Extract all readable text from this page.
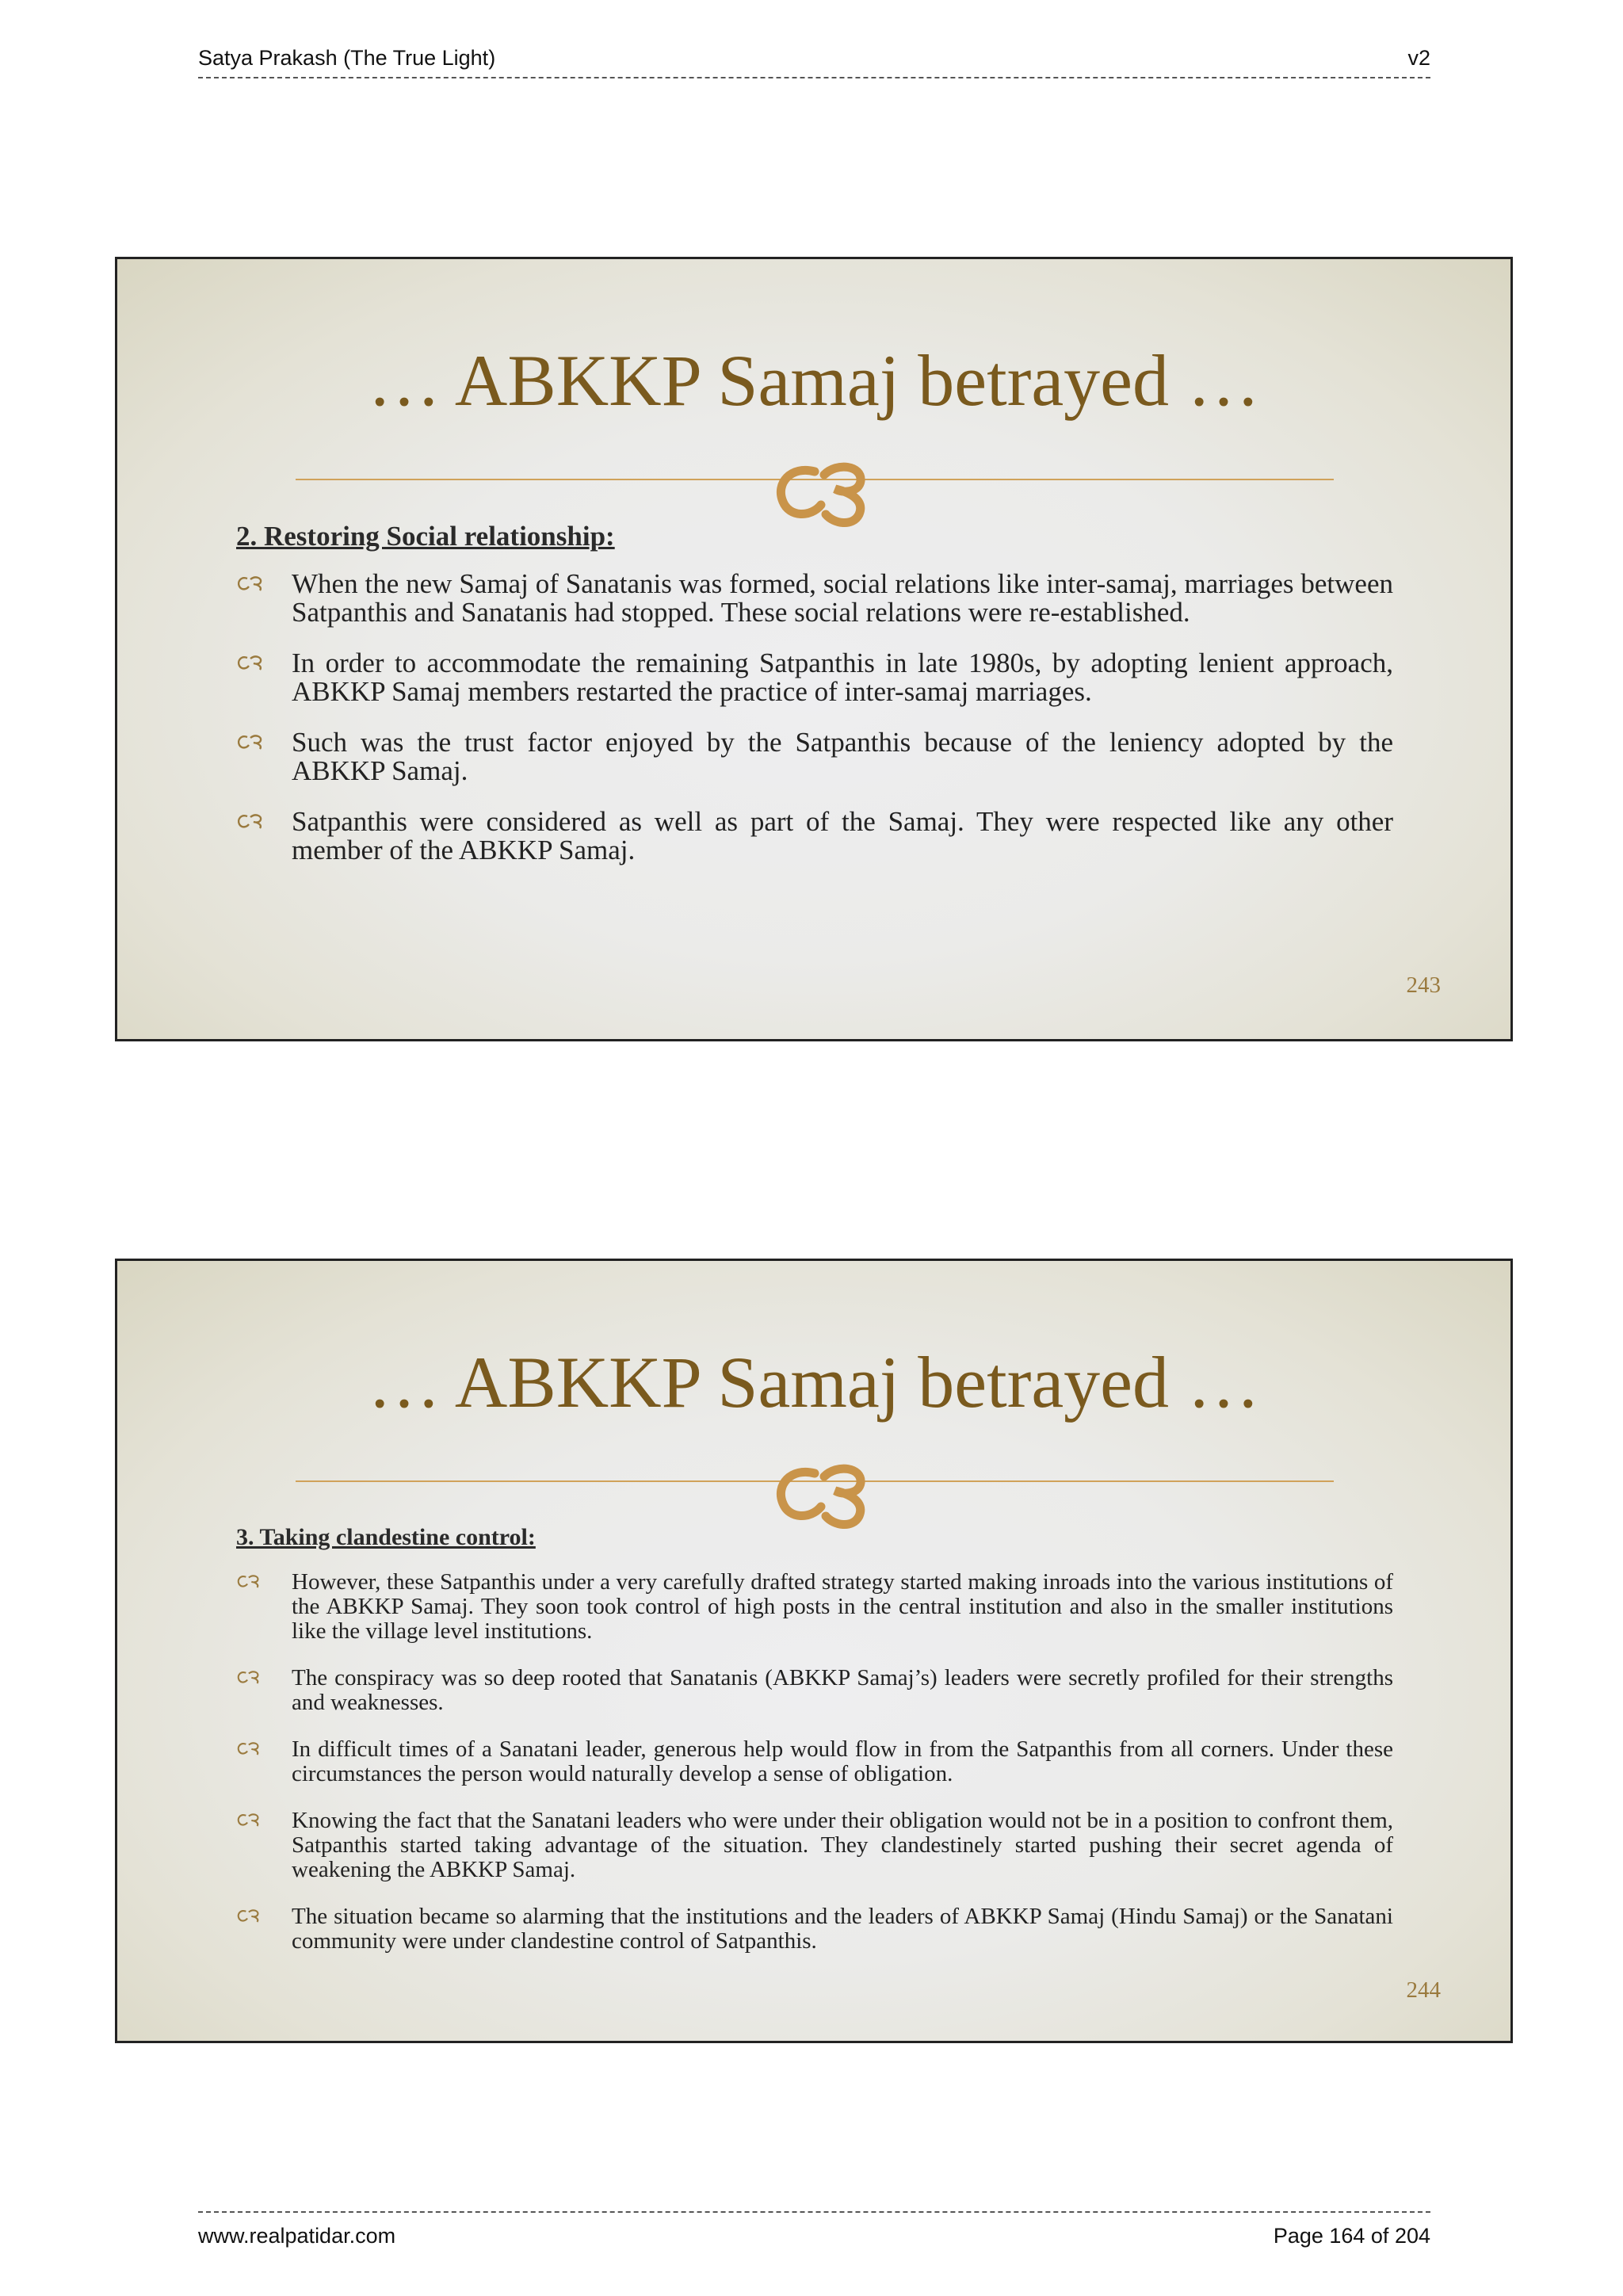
Satya Prakash (The True Light)	v2
… ABKKP Samaj betrayed …
2. Restoring Social relationship:
When the new Samaj of Sanatanis was formed, social relations like inter-samaj, marriages between Satpanthis and Sanatanis had stopped. These social relations were re-established.
In order to accommodate the remaining Satpanthis in late 1980s, by adopting lenient approach, ABKKP Samaj members restarted the practice of inter-samaj marriages.
Such was the trust factor enjoyed by the Satpanthis because of the leniency adopted by the ABKKP Samaj.
Satpanthis were considered as well as part of the Samaj. They were respected like any other member of the ABKKP Samaj.
243
… ABKKP Samaj betrayed …
3. Taking clandestine control:
However, these Satpanthis under a very carefully drafted strategy started making inroads into the various institutions of the ABKKP Samaj. They soon took control of high posts in the central institution and also in the smaller institutions like the village level institutions.
The conspiracy was so deep rooted that Sanatanis (ABKKP Samaj’s) leaders were secretly profiled for their strengths and weaknesses.
In difficult times of a Sanatani leader, generous help would flow in from the Satpanthis from all corners. Under these circumstances the person would naturally develop a sense of obligation.
Knowing the fact that the Sanatani leaders who were under their obligation would not be in a position to confront them, Satpanthis started taking advantage of the situation. They clandestinely started pushing their secret agenda of weakening the ABKKP Samaj.
The situation became so alarming that the institutions and the leaders of ABKKP Samaj (Hindu Samaj) or the Sanatani community were under clandestine control of Satpanthis.
244
www.realpatidar.com	Page 164 of 204
